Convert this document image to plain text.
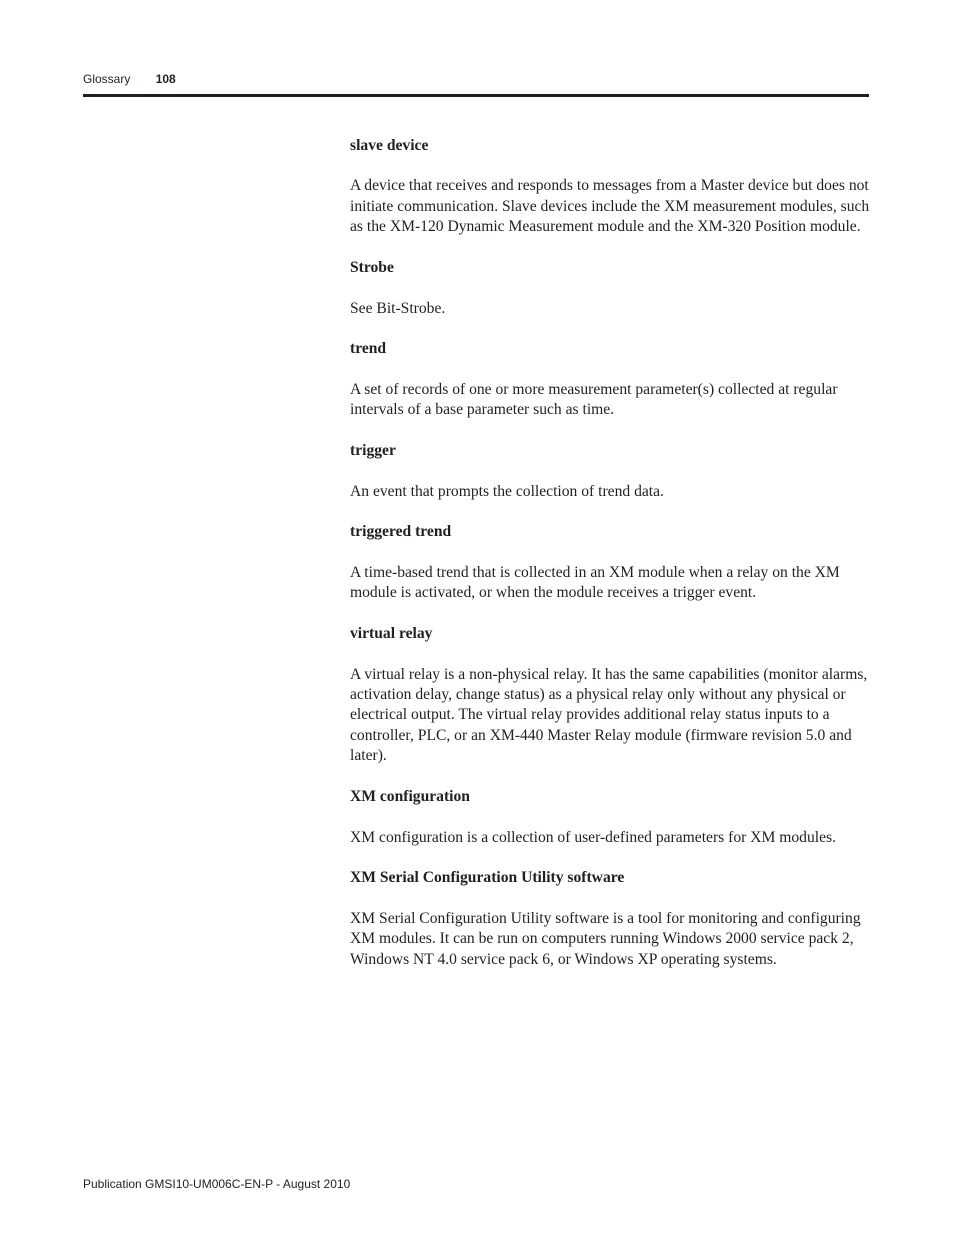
Glossary 108

slave device

A device that receives and responds to messages from a Master device but does not initiate communication. Slave devices include the XM measurement modules, such as the XM-120 Dynamic Measurement module and the XM-320 Position module.

Strobe

See Bit-Strobe.

trend

A set of records of one or more measurement parameter(s) collected at regular intervals of a base parameter such as time.

trigger

An event that prompts the collection of trend data.

triggered trend

A time-based trend that is collected in an XM module when a relay on the XM module is activated, or when the module receives a trigger event.

virtual relay

A virtual relay is a non-physical relay. It has the same capabilities (monitor alarms, activation delay, change status) as a physical relay only without any physical or electrical output. The virtual relay provides additional relay status inputs to a controller, PLC, or an XM-440 Master Relay module (firmware revision 5.0 and later).

XM configuration

XM configuration is a collection of user-defined parameters for XM modules.

XM Serial Configuration Utility software

XM Serial Configuration Utility software is a tool for monitoring and configuring XM modules. It can be run on computers running Windows 2000 service pack 2, Windows NT 4.0 service pack 6, or Windows XP operating systems.

Publication GMSI10-UM006C-EN-P - August 2010
